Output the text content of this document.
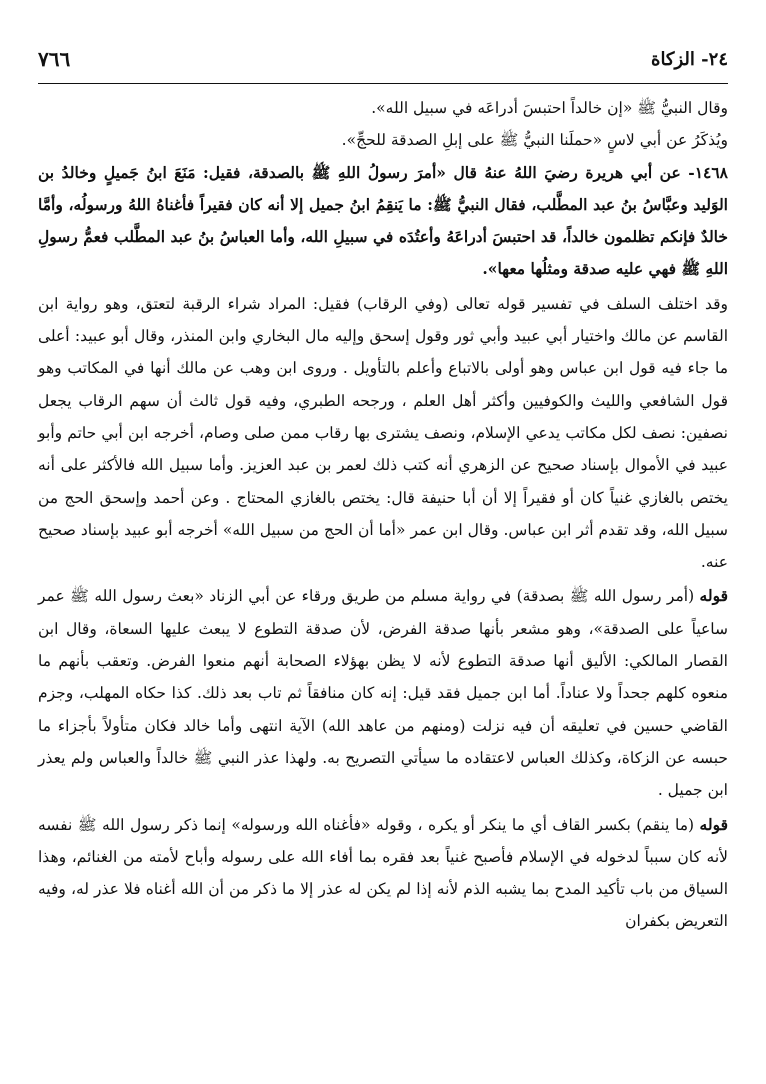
٧٦٦	٢٤- الزكاة

وقال النبيُّ ﷺ «إن خالداً احتبسَ أدراعَه في سبيل الله».

ويُذكَرُ عن أبي لاسٍ «حملَنا النبيُّ ﷺ على إبلِ الصدقة للحجِّ».

١٤٦٨- عن أبي هريرة رضيَ اللهُ عنهُ قال «أمرَ رسولُ اللهِ ﷺ بالصدقة، فقيل: مَنَعَ ابنُ جَميلٍ وخالدُ بن الوَليد وعبَّاسُ بنُ عبد المطَّلب، فقال النبيُّ ﷺ: ما يَنقِمُ ابنُ جميل إلا أنه كان فقيراً فأغناهُ اللهُ ورسولُه، وأمَّا خالدٌ فإنكم تظلمون خالداً، قد احتبسَ أدراعَهُ وأعتُدَه في سبيلِ الله، وأما العباسُ بنُ عبد المطَّلب فعمُّ رسولِ اللهِ ﷺ فهي عليه صدقة ومثلُها معها».

وقد اختلف السلف في تفسير قوله تعالى (وفي الرقاب) فقيل: المراد شراء الرقبة لتعتق، وهو رواية ابن القاسم عن مالك واختيار أبي عبيد وأبي ثور وقول إسحق وإليه مال البخاري وابن المنذر، وقال أبو عبيد: أعلى ما جاء فيه قول ابن عباس وهو أولى بالاتباع وأعلم بالتأويل . وروى ابن وهب عن مالك أنها في المكاتب وهو قول الشافعي والليث والكوفيين وأكثر أهل العلم ، ورجحه الطبري، وفيه قول ثالث أن سهم الرقاب يجعل نصفين: نصف لكل مكاتب يدعي الإسلام، ونصف يشترى بها رقاب ممن صلى وصام، أخرجه ابن أبي حاتم وأبو عبيد في الأموال بإسناد صحيح عن الزهري أنه كتب ذلك لعمر بن عبد العزيز. وأما سبيل الله فالأكثر على أنه يختص بالغازي غنياً كان أو فقيراً إلا أن أبا حنيفة قال: يختص بالغازي المحتاج . وعن أحمد وإسحق الحج من سبيل الله، وقد تقدم أثر ابن عباس. وقال ابن عمر «أما أن الحج من سبيل الله» أخرجه أبو عبيد بإسناد صحيح عنه.

قوله (أمر رسول الله ﷺ بصدقة) في رواية مسلم من طريق ورقاء عن أبي الزناد «بعث رسول الله ﷺ عمر ساعياً على الصدقة»، وهو مشعر بأنها صدقة الفرض، لأن صدقة التطوع لا يبعث عليها السعاة، وقال ابن القصار المالكي: الأليق أنها صدقة التطوع لأنه لا يظن بهؤلاء الصحابة أنهم منعوا الفرض. وتعقب بأنهم ما منعوه كلهم جحداً ولا عناداً. أما ابن جميل فقد قيل: إنه كان منافقاً ثم تاب بعد ذلك. كذا حكاه المهلب، وجزم القاضي حسين في تعليقه أن فيه نزلت (ومنهم من عاهد الله) الآية انتهى وأما خالد فكان متأولاً بأجزاء ما حبسه عن الزكاة، وكذلك العباس لاعتقاده ما سيأتي التصريح به. ولهذا عذر النبي ﷺ خالداً والعباس ولم يعذر ابن جميل .

قوله (ما ينقم) بكسر القاف أي ما ينكر أو يكره ، وقوله «فأغناه الله ورسوله» إنما ذكر رسول الله ﷺ نفسه لأنه كان سبباً لدخوله في الإسلام فأصبح غنياً بعد فقره بما أفاء الله على رسوله وأباح لأمته من الغنائم، وهذا السياق من باب تأكيد المدح بما يشبه الذم لأنه إذا لم يكن له عذر إلا ما ذكر من أن الله أغناه فلا عذر له، وفيه التعريض بكفران
